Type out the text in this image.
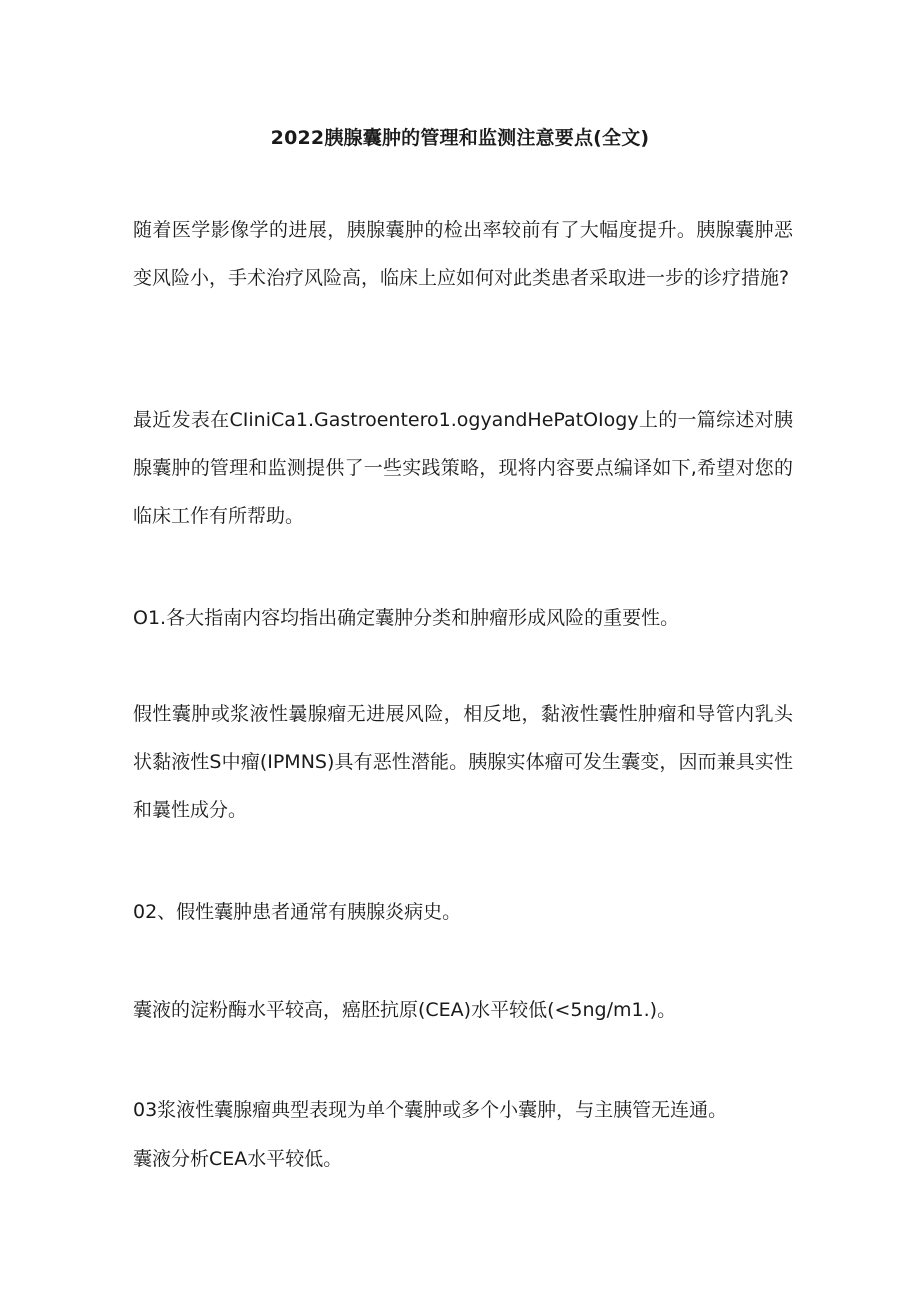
2022胰腺囊肿的管理和监测注意要点(全文)

随着医学影像学的进展，胰腺囊肿的检出率较前有了大幅度提升。胰腺囊肿恶变风险小，手术治疗风险高，临床上应如何对此类患者采取进一步的诊疗措施?

最近发表在CIiniCa1.Gastroentero1.ogyandHePatOIogy上的一篇综述对胰腺囊肿的管理和监测提供了一些实践策略，现将内容要点编译如下,希望对您的临床工作有所帮助。

O1.各大指南内容均指出确定囊肿分类和肿瘤形成风险的重要性。

假性囊肿或浆液性曩腺瘤无进展风险，相反地，黏液性囊性肿瘤和导管内乳头状黏液性S中瘤(IPMNS)具有恶性潜能。胰腺实体瘤可发生囊变，因而兼具实性和曩性成分。

02、假性囊肿患者通常有胰腺炎病史。

囊液的淀粉酶水平较高，癌胚抗原(CEA)水平较低(<5ng∕m1.)。

03浆液性囊腺瘤典型表现为单个囊肿或多个小囊肿，与主胰管无连通。

囊液分析CEA水平较低。
